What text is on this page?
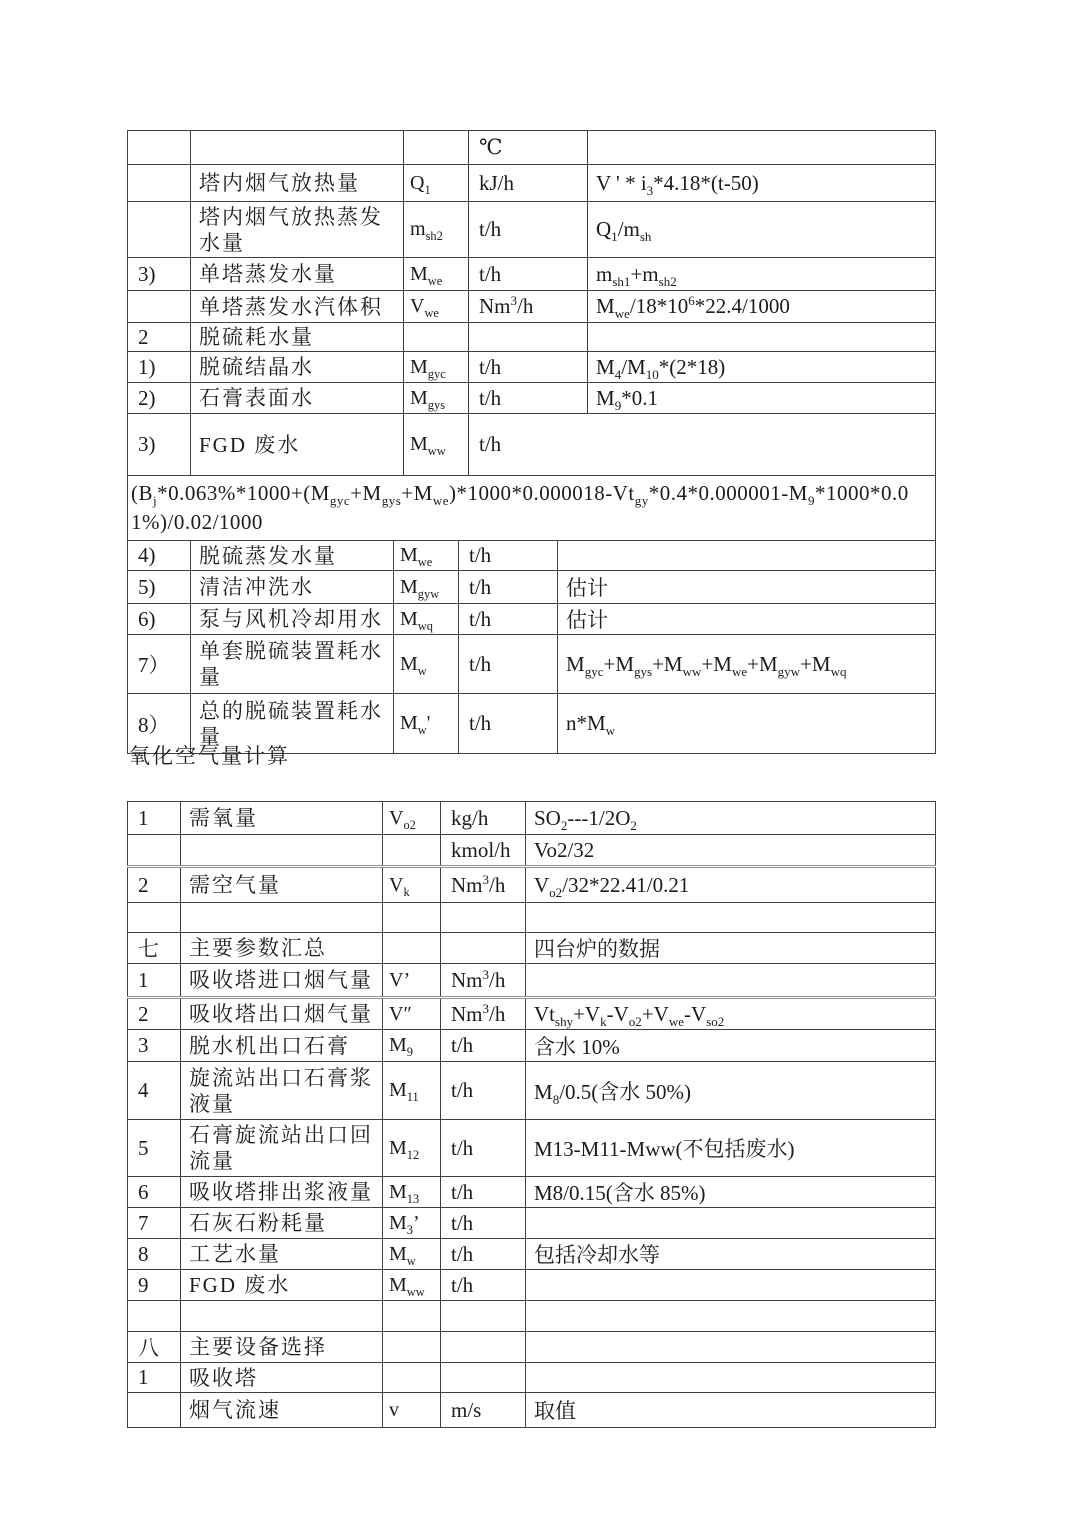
			℃	
	塔内烟气放热量	$Q_1$	kJ/h	V ' * $i_3*4.18*(t-50)$
	塔内烟气放热蒸发水量	$m_{sh2}$	t/h	$Q_1/m_{sh}$
3)	单塔蒸发水量	$M_{we}$	t/h	$m_{sh1}+m_{sh2}$
	单塔蒸发水汽体积	$V_{we}$	Nm$^3$/h	$M_{we}/18*10^6*22.4/1000$
2	脱硫耗水量			
1)	脱硫结晶水	$M_{gyc}$	t/h	$M_4/M_{10}*(2*18)$
2)	石膏表面水	$M_{gys}$	t/h	$M_9*0.1$
3)	FGD 废水	$M_{ww}$	t/h	
$(B_j*0.063\%*1000+(M_{gyc}+M_{gys}+M_{we})*1000*0.000018-Vt_{gy}*0.4*0.000001-M_9*1000*0.01\%)/0.02/1000$				
4)	脱硫蒸发水量	$M_{we}$	t/h	
5)	清洁冲洗水	$M_{gyw}$	t/h	估计
6)	泵与风机冷却用水	$M_{wq}$	t/h	估计
7）	单套脱硫装置耗水量	$M_w$	t/h	$M_{gyc}+M_{gys}+M_{ww}+M_{we}+M_{gyw}+M_{wq}$
8）	总的脱硫装置耗水量	$M_w'$	t/h	$n*M_w$
氧化空气量计算
1	需氧量	$V_{o2}$	kg/h	$SO_2---1/2O_2$
			kmol/h	Vo2/32
2	需空气量	$V_k$	Nm$^3$/h	$V_{o2}/32*22.41/0.21$

七	主要参数汇总			四台炉的数据
1	吸收塔进口烟气量	V’	Nm$^3$/h	
2	吸收塔出口烟气量	V″	Nm$^3$/h	$Vt_{shy}+V_k-V_{o2}+V_{we}-V_{so2}$
3	脱水机出口石膏	$M_9$	t/h	含水 10%
4	旋流站出口石膏浆液量	$M_{11}$	t/h	$M_8/0.5$(含水 50%)
5	石膏旋流站出口回流量	$M_{12}$	t/h	M13-M11-Mww(不包括废水)
6	吸收塔排出浆液量	$M_{13}$	t/h	M8/0.15(含水 85%)
7	石灰石粉耗量	$M_3$’	t/h	
8	工艺水量	$M_w$	t/h	包括冷却水等
9	FGD 废水	$M_{ww}$	t/h	

八	主要设备选择			
1	吸收塔			
	烟气流速	v	m/s	取值
